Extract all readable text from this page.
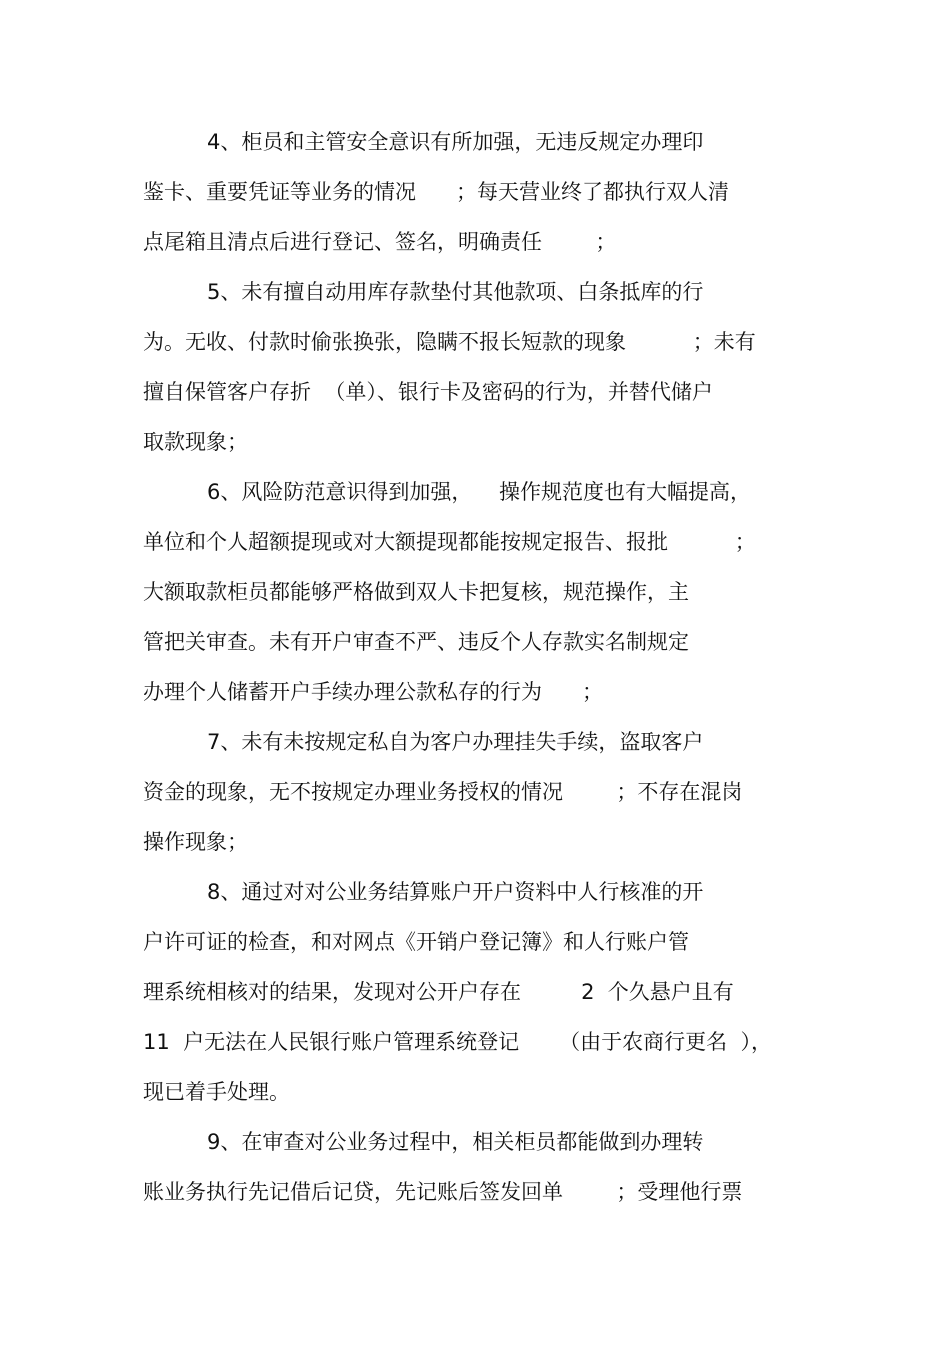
4、柜员和主管安全意识有所加强，无违反规定办理印
鉴卡、重要凭证等业务的情况      ；每天营业终了都执行双人清
点尾箱且清点后进行登记、签名，明确责任        ；
5、未有擅自动用库存款垫付其他款项、白条抵库的行
为。无收、付款时偷张换张，隐瞒不报长短款的现象          ；未有
擅自保管客户存折  （单）、银行卡及密码的行为，并替代储户
取款现象；
6、风险防范意识得到加强，    操作规范度也有大幅提高，
单位和个人超额提现或对大额提现都能按规定报告、报批          ；
大额取款柜员都能够严格做到双人卡把复核，规范操作，主
管把关审查。未有开户审查不严、违反个人存款实名制规定
办理个人储蓄开户手续办理公款私存的行为      ；
7、未有未按规定私自为客户办理挂失手续，盗取客户
资金的现象，无不按规定办理业务授权的情况        ；不存在混岗
操作现象；
8、通过对对公业务结算账户开户资料中人行核准的开
户许可证的检查，和对网点《开销户登记簿》和人行账户管
理系统相核对的结果，发现对公开户存在         2  个久悬户且有
11  户无法在人民银行账户管理系统登记      （由于农商行更名  ），
现已着手处理。
9、在审查对公业务过程中，相关柜员都能做到办理转
账业务执行先记借后记贷，先记账后签发回单        ；受理他行票
